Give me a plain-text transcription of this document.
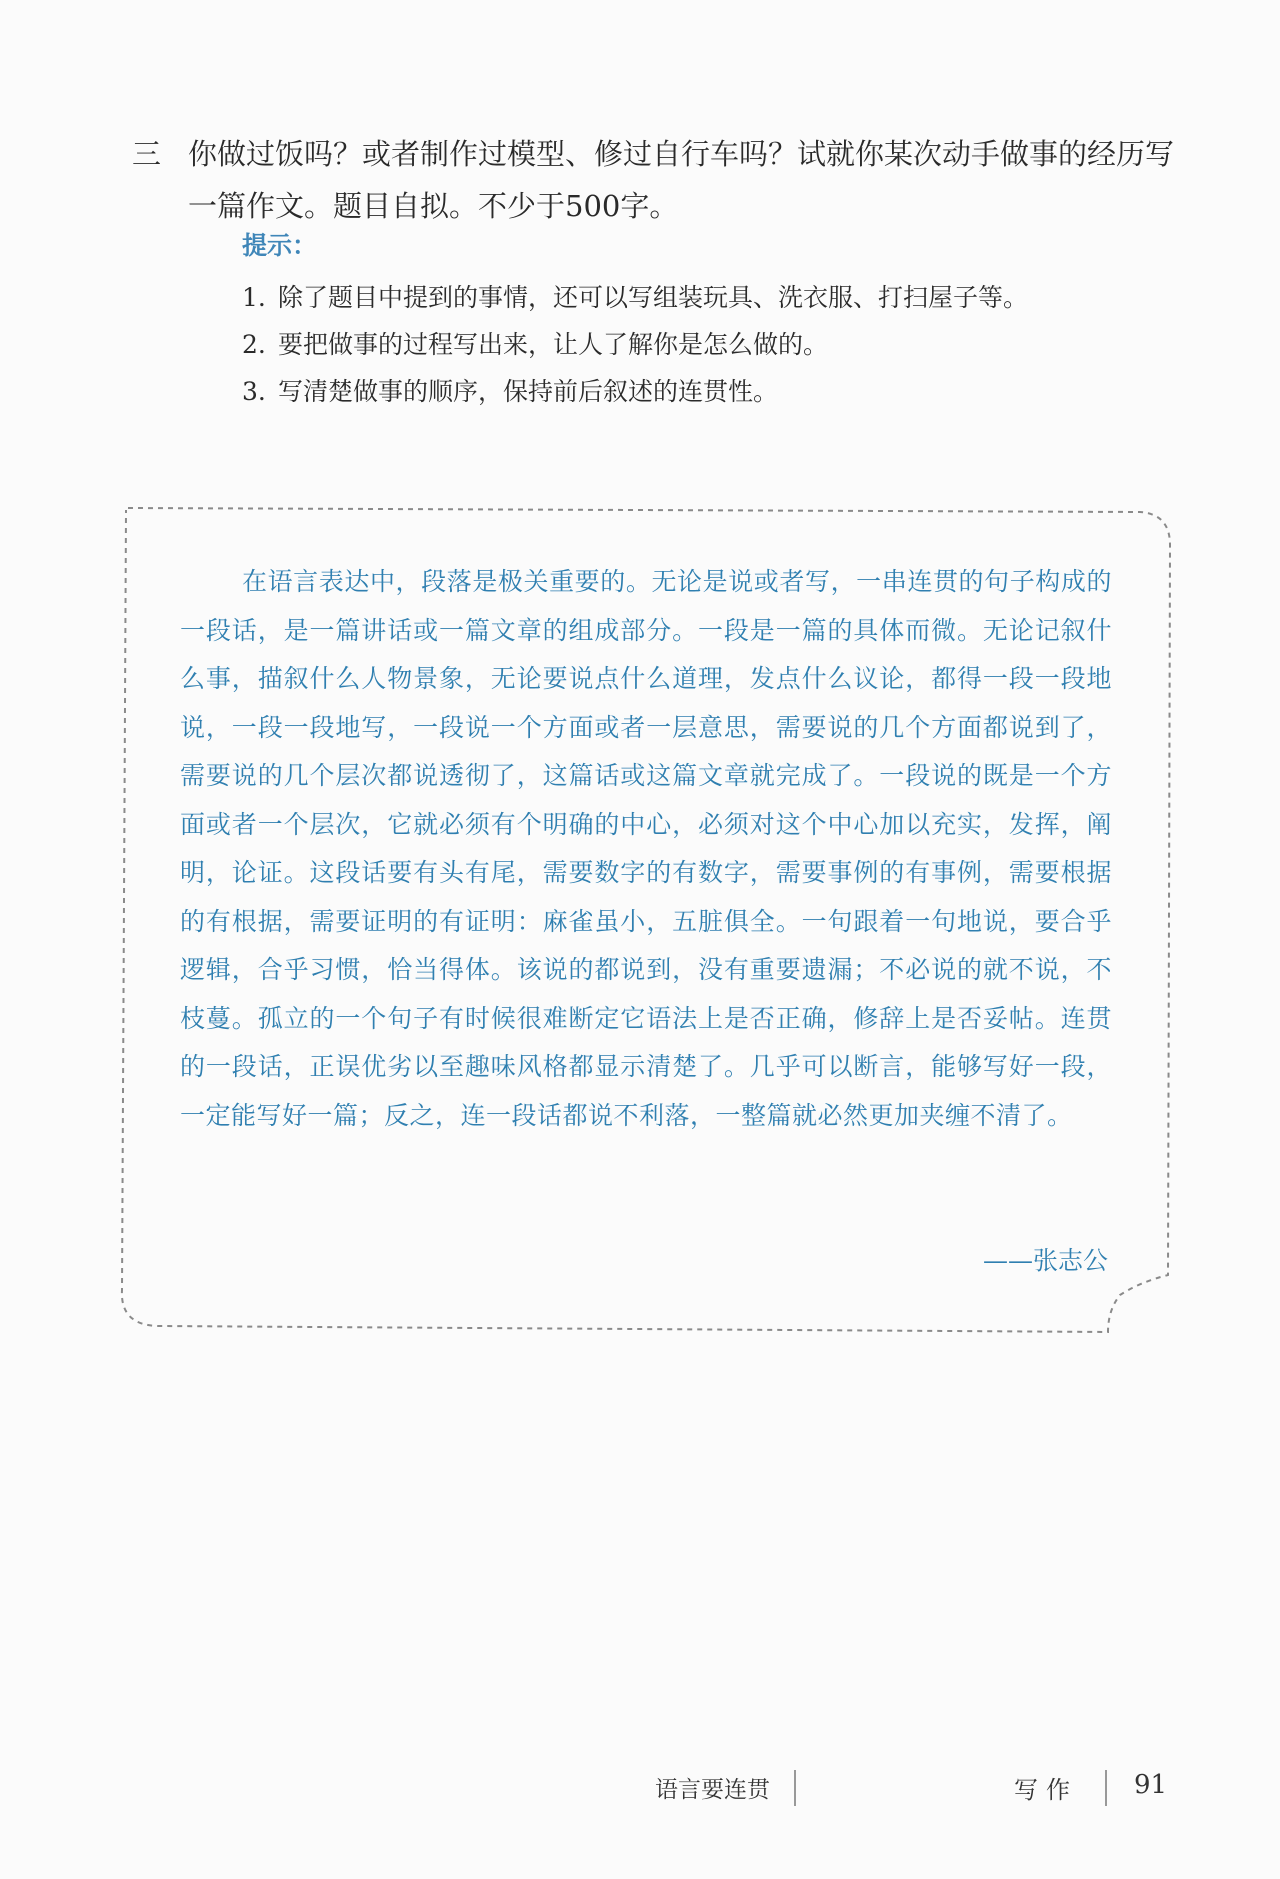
三 你做过饭吗？或者制作过模型、修过自行车吗？试就你某次动手做事的经历写一篇作文。题目自拟。不少于500字。
提示：
1. 除了题目中提到的事情，还可以写组装玩具、洗衣服、打扫屋子等。
2. 要把做事的过程写出来，让人了解你是怎么做的。
3. 写清楚做事的顺序，保持前后叙述的连贯性。

在语言表达中，段落是极关重要的。无论是说或者写，一串连贯的句子构成的一段话，是一篇讲话或一篇文章的组成部分。一段是一篇的具体而微。无论记叙什么事，描叙什么人物景象，无论要说点什么道理，发点什么议论，都得一段一段地说，一段一段地写，一段说一个方面或者一层意思，需要说的几个方面都说到了，需要说的几个层次都说透彻了，这篇话或这篇文章就完成了。一段说的既是一个方面或者一个层次，它就必须有个明确的中心，必须对这个中心加以充实，发挥，阐明，论证。这段话要有头有尾，需要数字的有数字，需要事例的有事例，需要根据的有根据，需要证明的有证明：麻雀虽小，五脏俱全。一句跟着一句地说，要合乎逻辑，合乎习惯，恰当得体。该说的都说到，没有重要遗漏；不必说的就不说，不枝蔓。孤立的一个句子有时候很难断定它语法上是否正确，修辞上是否妥帖。连贯的一段话，正误优劣以至趣味风格都显示清楚了。几乎可以断言，能够写好一段，一定能写好一篇；反之，连一段话都说不利落，一整篇就必然更加夹缠不清了。

——张志公
语言要连贯	写作 91
